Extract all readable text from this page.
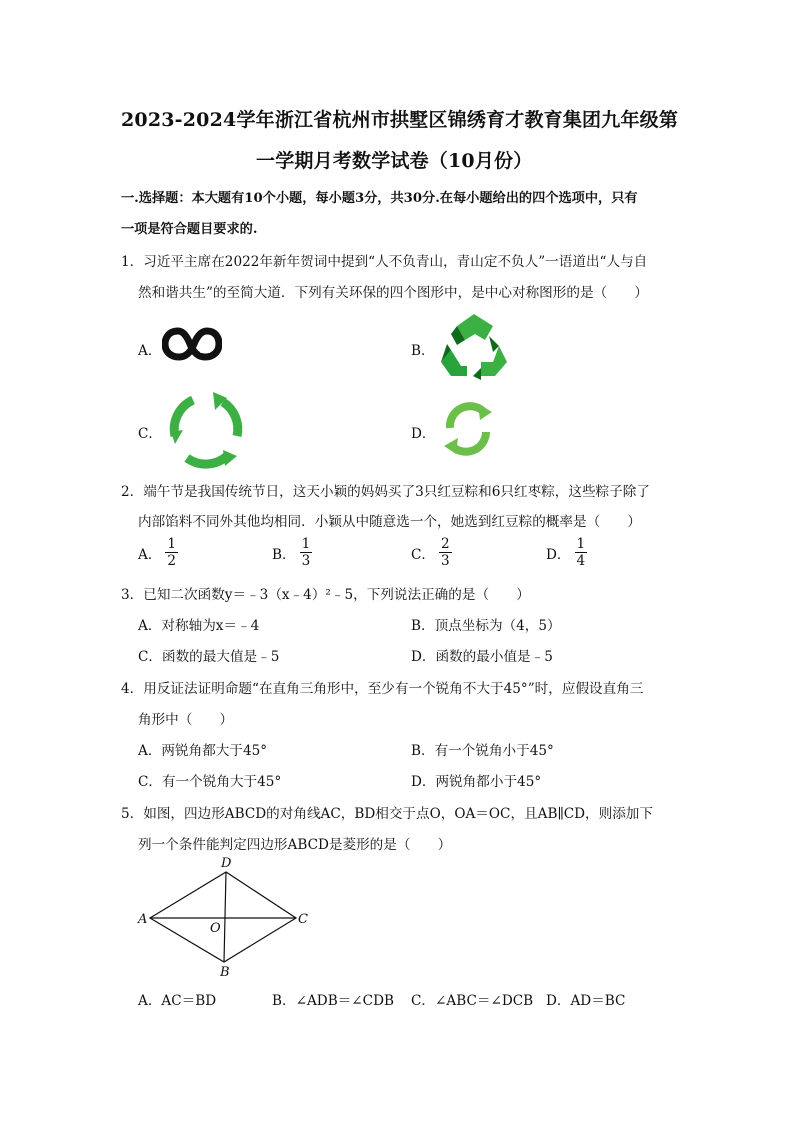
2023-2024学年浙江省杭州市拱墅区锦绣育才教育集团九年级第
一学期月考数学试卷（10月份）
一.选择题：本大题有10个小题，每小题3分，共30分.在每小题给出的四个选项中，只有
一项是符合题目要求的.
1．习近平主席在2022年新年贺词中提到“人不负青山，青山定不负人”一语道出“人与自
然和谐共生”的至简大道．下列有关环保的四个图形中，是中心对称图形的是（　　）
A．	B．
C．	D．
2．端午节是我国传统节日，这天小颖的妈妈买了3只红豆粽和6只红枣粽，这些粽子除了
内部馅料不同外其他均相同．小颖从中随意选一个，她选到红豆粽的概率是（　　）
A． $\frac{1}{2}$	B． $\frac{1}{3}$	C． $\frac{2}{3}$	D． $\frac{1}{4}$
3．已知二次函数y＝﹣3（x﹣4）²﹣5，下列说法正确的是（　　）
A．对称轴为x＝﹣4	B．顶点坐标为（4，5）
C．函数的最大值是﹣5	D．函数的最小值是﹣5
4．用反证法证明命题“在直角三角形中，至少有一个锐角不大于45°”时，应假设直角三
角形中（　　）
A．两锐角都大于45°	B．有一个锐角小于45°
C．有一个锐角大于45°	D．两锐角都小于45°
5．如图，四边形ABCD的对角线AC，BD相交于点O，OA＝OC，且AB∥CD，则添加下
列一个条件能判定四边形ABCD是菱形的是（　　）
A
D
C
B
O
A．AC＝BD	B．∠ADB＝∠CDB C．∠ABC＝∠DCB D．AD＝BC
